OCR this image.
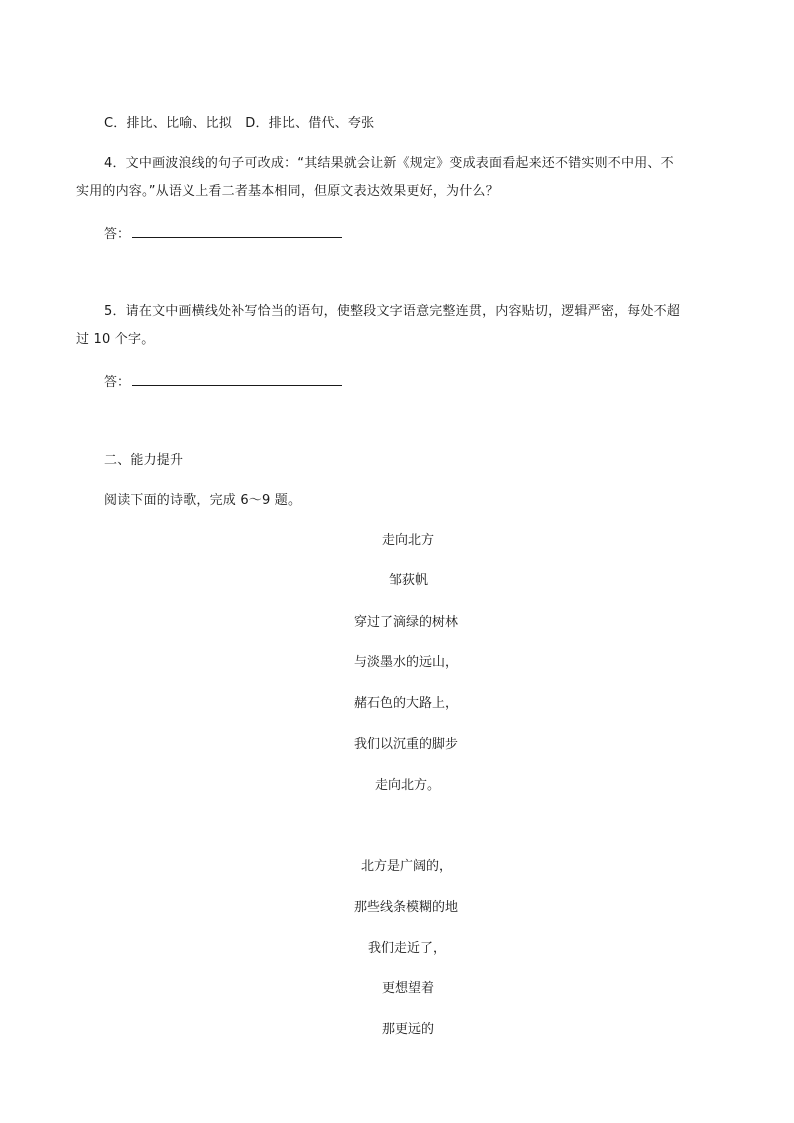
C．排比、比喻、比拟　D．排比、借代、夸张
4．文中画波浪线的句子可改成：“其结果就会让新《规定》变成表面看起来还不错实则不中用、不
实用的内容。”从语义上看二者基本相同，但原文表达效果更好，为什么？
答：
5．请在文中画横线处补写恰当的语句，使整段文字语意完整连贯，内容贴切，逻辑严密，每处不超
过 10 个字。
答：
二、能力提升
阅读下面的诗歌，完成 6～9 题。
走向北方
邹荻帆
穿过了滴绿的树林
与淡墨水的远山，
赭石色的大路上，
我们以沉重的脚步
走向北方。
北方是广阔的，
那些线条模糊的地
我们走近了，
更想望着
那更远的
